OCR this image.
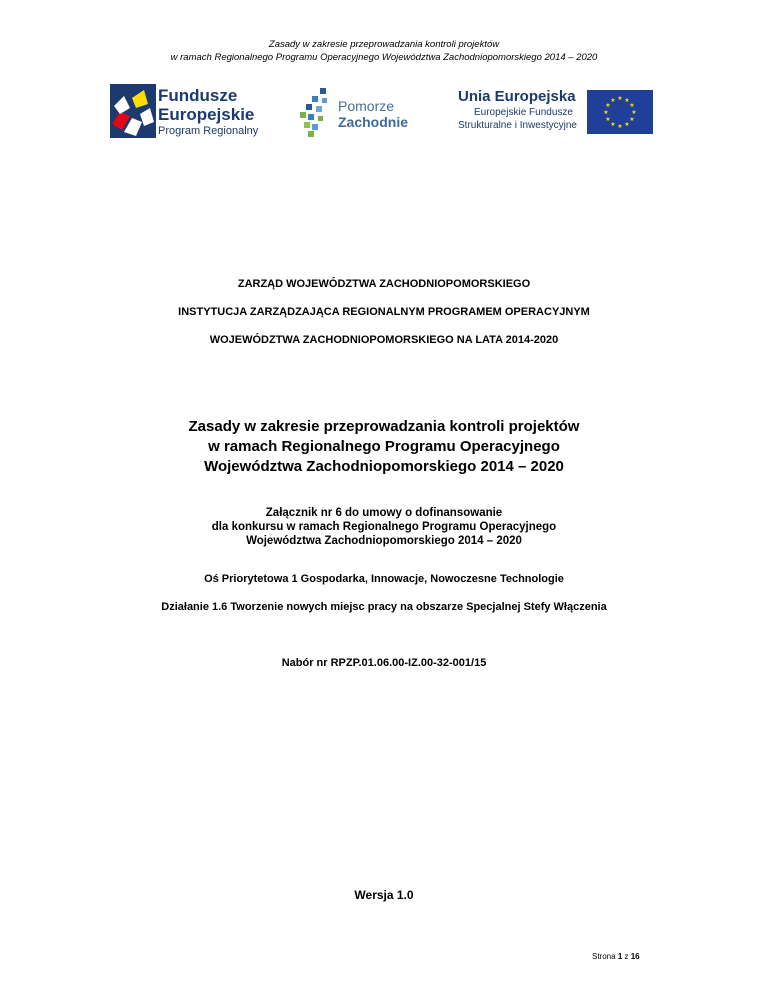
Zasady w zakresie przeprowadzania kontroli projektów
w ramach Regionalnego Programu Operacyjnego Województwa Zachodniopomorskiego 2014 – 2020
Fundusze
Europejskie
Program Regionalny
Pomorze
Zachodnie
Unia Europejska
Europejskie Fundusze
Strukturalne i Inwestycyjne
★ ★
★
★
★
★
★
★
★
★
★
★
ZARZĄD WOJEWÓDZTWA ZACHODNIOPOMORSKIEGO
INSTYTUCJA ZARZĄDZAJĄCA REGIONALNYM PROGRAMEM OPERACYJNYM
WOJEWÓDZTWA ZACHODNIOPOMORSKIEGO NA LATA 2014-2020
Zasady w zakresie przeprowadzania kontroli projektów
w ramach Regionalnego Programu Operacyjnego
Województwa Zachodniopomorskiego 2014 – 2020
Załącznik nr 6 do umowy o dofinansowanie
dla konkursu w ramach Regionalnego Programu Operacyjnego
Województwa Zachodniopomorskiego 2014 – 2020
Oś Priorytetowa 1 Gospodarka, Innowacje, Nowoczesne Technologie
Działanie 1.6 Tworzenie nowych miejsc pracy na obszarze Specjalnej Stefy Włączenia
Nabór nr RPZP.01.06.00-IZ.00-32-001/15
Wersja 1.0
Strona 1 z 16
